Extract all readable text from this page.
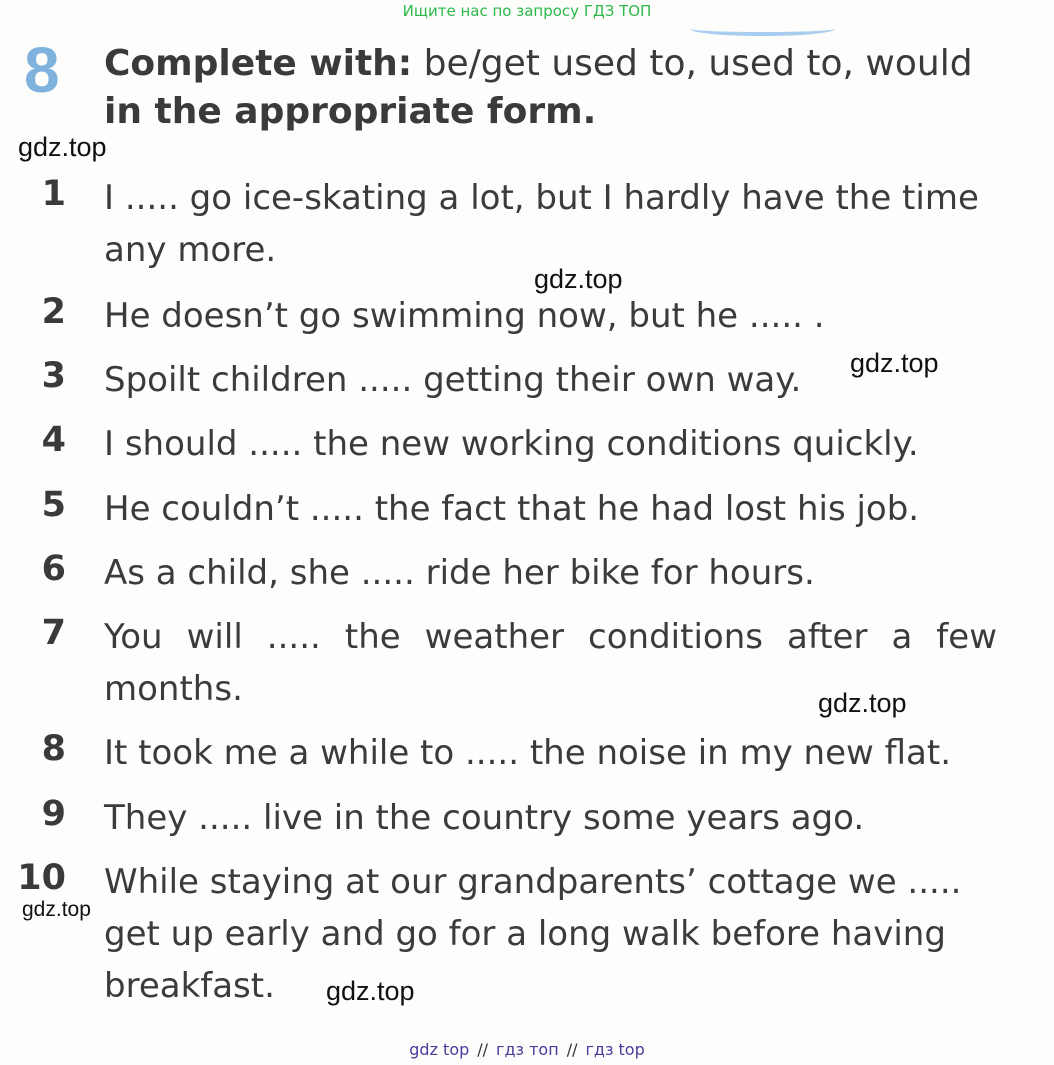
Ищите нас по запросу ГДЗ ТОП
8 Complete with: be/get used to, used to, would
in the appropriate form.
1 I ..... go ice-skating a lot, but I hardly have the time any more.
2 He doesn’t go swimming now, but he ..... .
3 Spoilt children ..... getting their own way.
4 I should ..... the new working conditions quickly.
5 He couldn’t ..... the fact that he had lost his job.
6 As a child, she ..... ride her bike for hours.
7 You will ..... the weather conditions after a few months.
8 It took me a while to ..... the noise in my new flat.
9 They ..... live in the country some years ago.
10 While staying at our grandparents’ cottage we ..... get up early and go for a long walk before having breakfast.
gdz.top
gdz.top
gdz.top
gdz.top
gdz.top
gdz.top
gdz top // гдз топ // гдз top
